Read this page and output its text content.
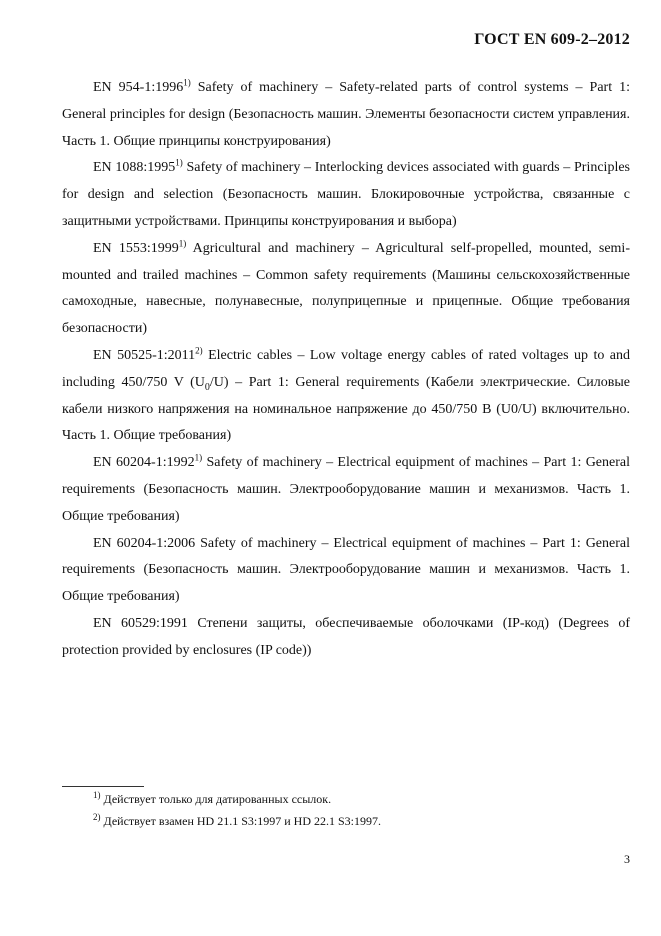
ГОСТ EN 609-2–2012

EN 954-1:1996$^{1)}$ Safety of machinery – Safety-related parts of control systems – Part 1: General principles for design (Безопасность машин. Элементы безопасности систем управления. Часть 1. Общие принципы конструирования)

EN 1088:1995$^{1)}$ Safety of machinery – Interlocking devices associated with guards – Principles for design and selection (Безопасность машин. Блокировочные устройства, связанные с защитными устройствами. Принципы конструирования и выбора)

EN 1553:1999$^{1)}$ Agricultural and machinery – Agricultural self-propelled, mounted, semi-mounted and trailed machines – Common safety requirements (Машины сельскохозяйственные самоходные, навесные, полунавесные, полуприцепные и прицепные. Общие требования безопасности)

EN 50525-1:2011$^{2)}$ Electric cables – Low voltage energy cables of rated voltages up to and including 450/750 V $(U_0/U)$ – Part 1: General requirements (Кабели электрические. Силовые кабели низкого напряжения на номинальное напряжение до 450/750 В (U0/U) включительно. Часть 1. Общие требования)

EN 60204-1:1992$^{1)}$ Safety of machinery – Electrical equipment of machines – Part 1: General requirements (Безопасность машин. Электрооборудование машин и механизмов. Часть 1. Общие требования)

EN 60204-1:2006 Safety of machinery – Electrical equipment of machines – Part 1: General requirements (Безопасность машин. Электрооборудование машин и механизмов. Часть 1. Общие требования)

EN 60529:1991 Степени защиты, обеспечиваемые оболочками (IP-код) (Degrees of protection provided by enclosures (IP code))

$^{1)}$ Действует только для датированных ссылок.

$^{2)}$ Действует взамен HD 21.1 S3:1997 и HD 22.1 S3:1997.

3
